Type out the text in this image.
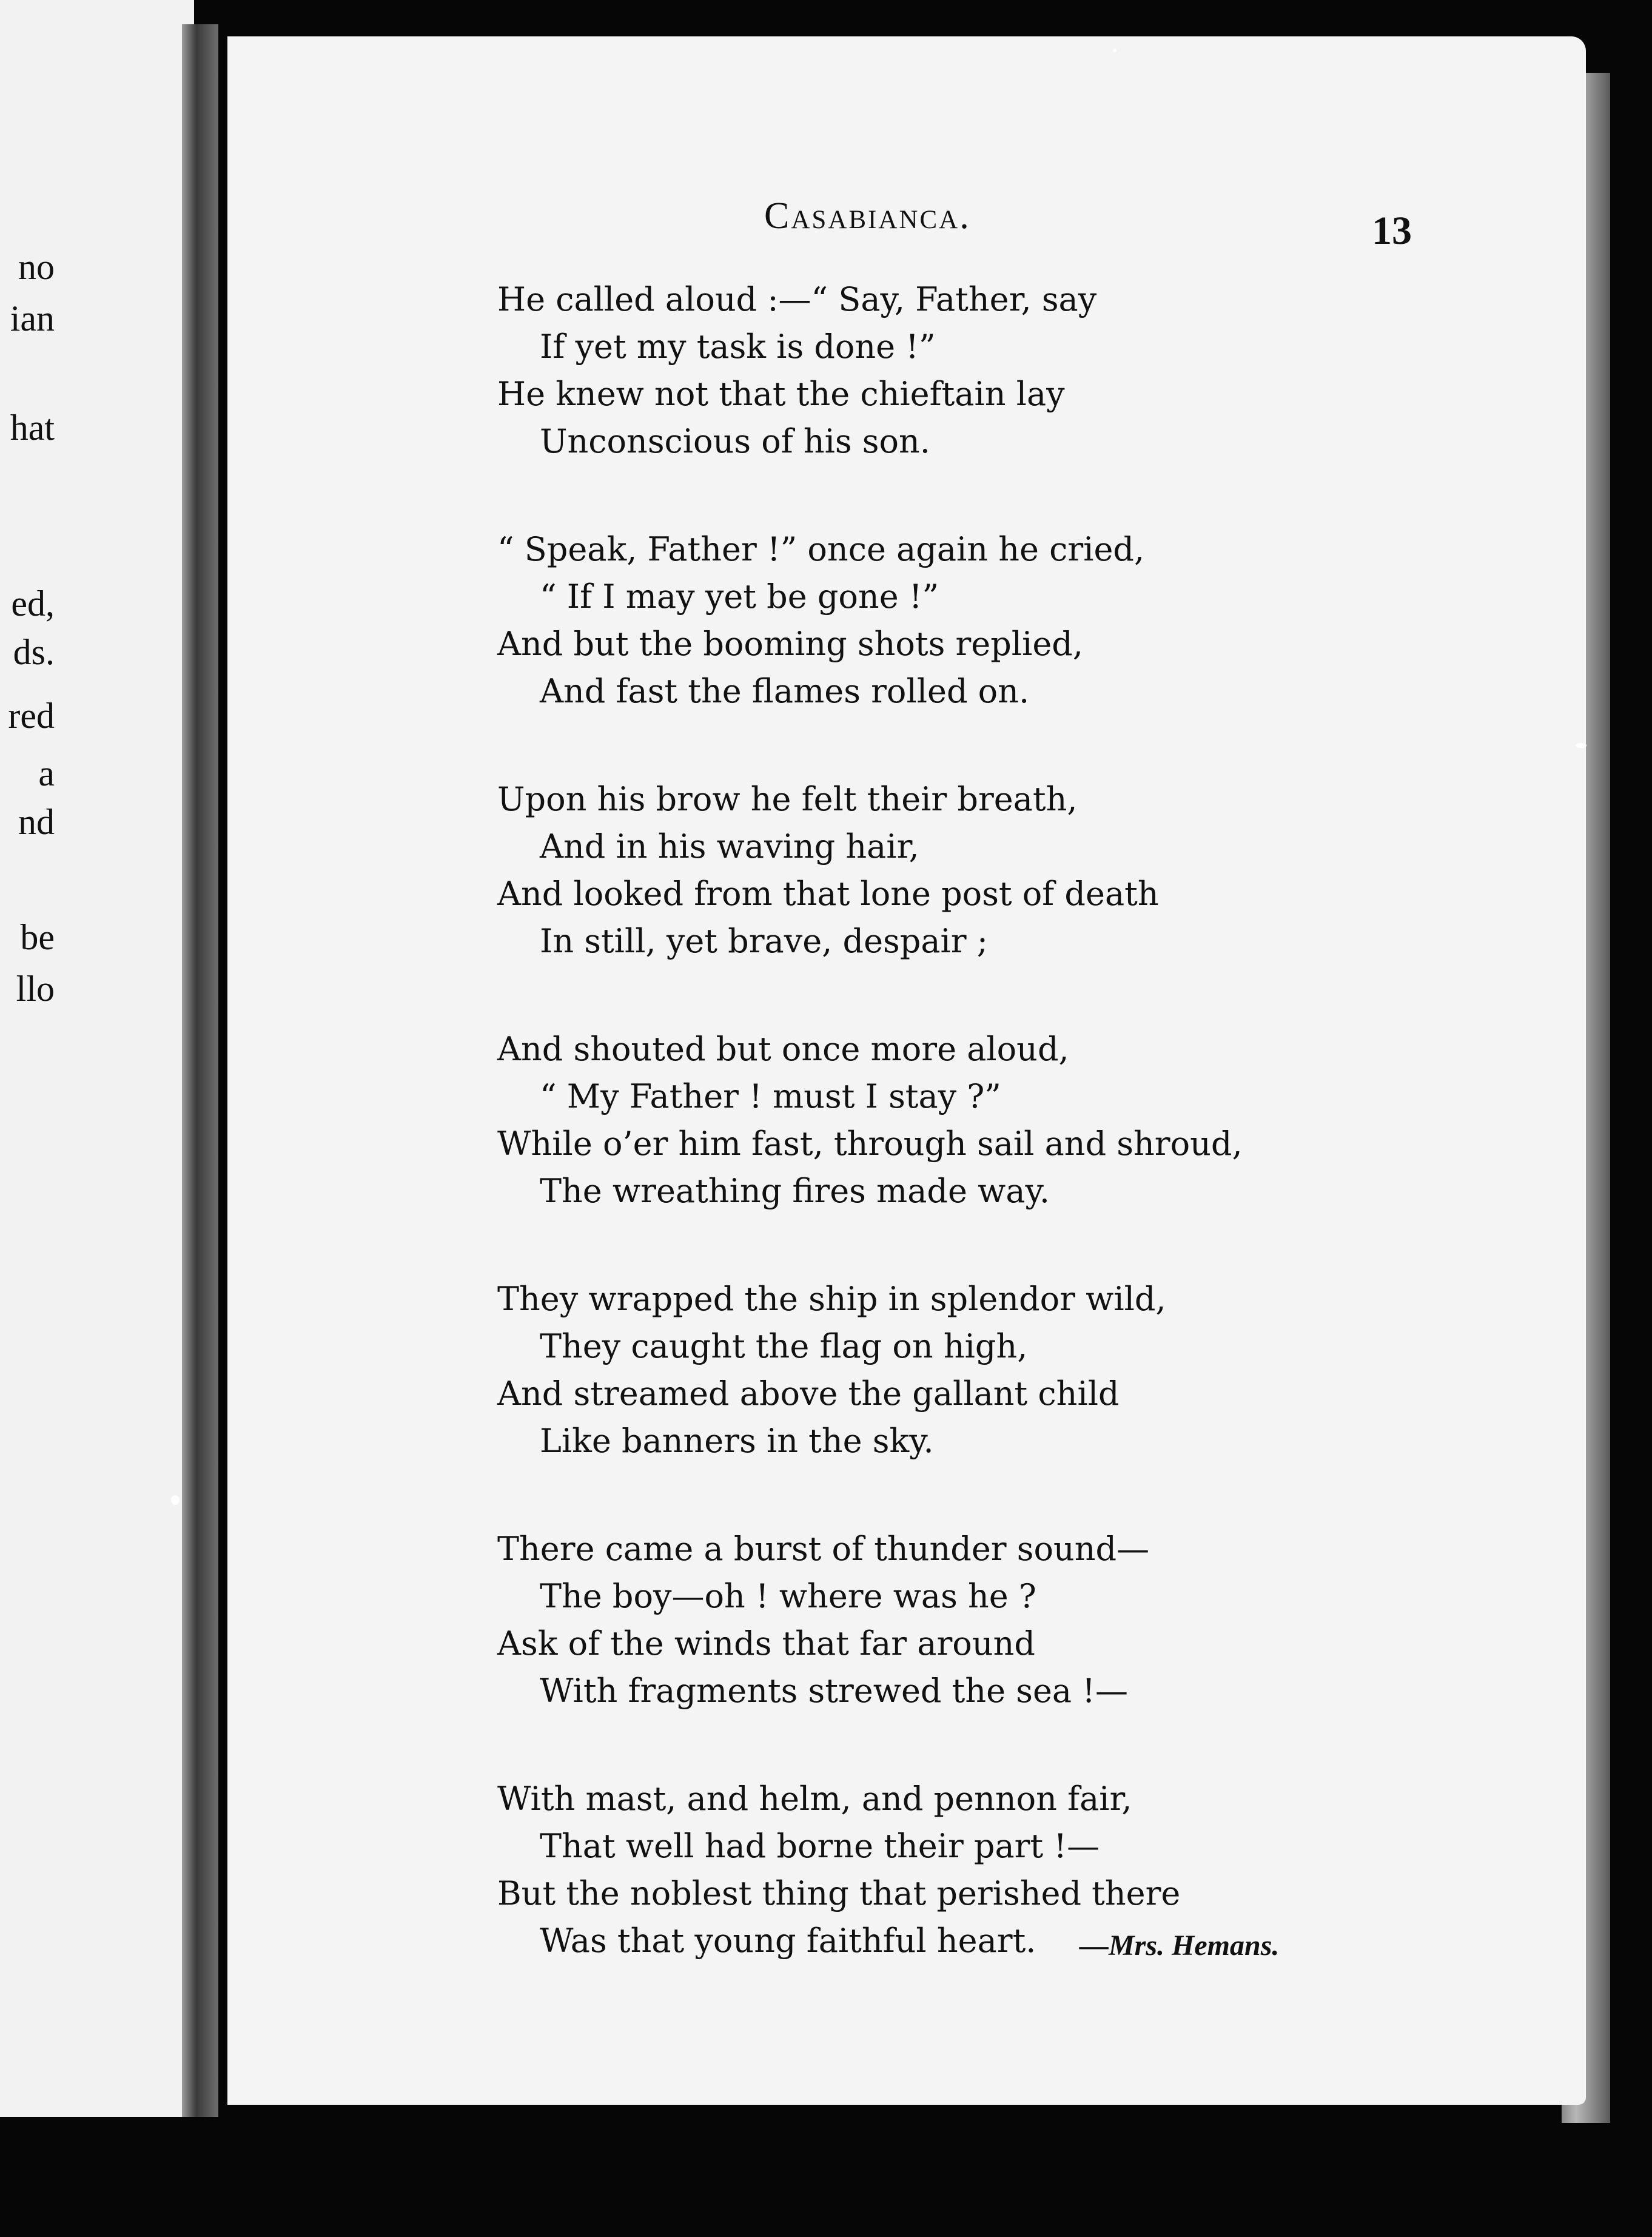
no
ian
hat
ed,
ds.
red
a
nd
be
llo
Casabianca.	13
He called aloud :—“ Say, Father, say
If yet my task is done !”
He knew not that the chieftain lay
Unconscious of his son.
“ Speak, Father !” once again he cried,
“ If I may yet be gone !”
And but the booming shots replied,
And fast the flames rolled on.
Upon his brow he felt their breath,
And in his waving hair,
And looked from that lone post of death
In still, yet brave, despair ;
And shouted but once more aloud,
“ My Father ! must I stay ?”
While o’er him fast, through sail and shroud,
The wreathing fires made way.
They wrapped the ship in splendor wild,
They caught the flag on high,
And streamed above the gallant child
Like banners in the sky.
There came a burst of thunder sound—
The boy—oh ! where was he ?
Ask of the winds that far around
With fragments strewed the sea !—
With mast, and helm, and pennon fair,
That well had borne their part !—
But the noblest thing that perished there
Was that young faithful heart.	—Mrs. Hemans.
